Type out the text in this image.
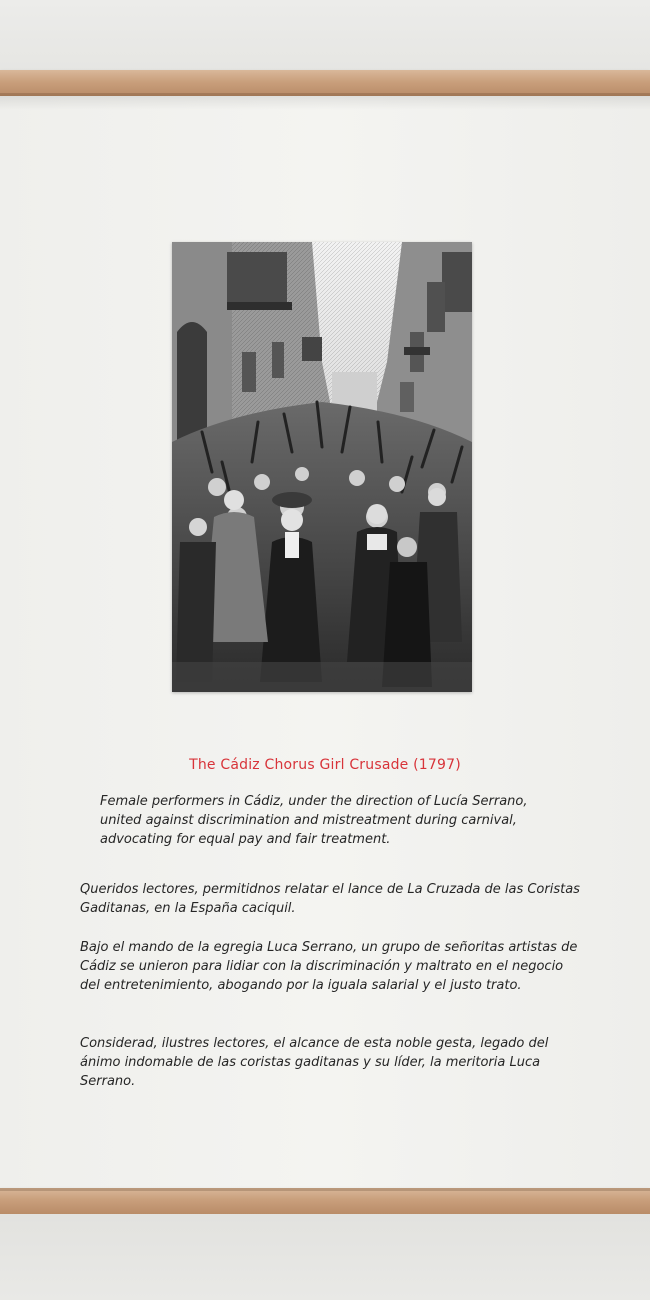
The Cádiz Chorus Girl Crusade (1797)
Female performers in Cádiz, under the direction of Lucía Serrano, united against discrimination and mistreatment during carnival, advocating for equal pay and fair treatment.
Queridos lectores, permitidnos relatar el lance de La Cruzada de las Coristas Gaditanas, en la España caciquil.
Bajo el mando de la egregia Luca Serrano, un grupo de señoritas artistas de Cádiz se unieron para lidiar con la discriminación y maltrato en el negocio del entretenimiento, abogando por la iguala salarial y el justo trato.
Considerad, ilustres lectores, el alcance de esta noble gesta, legado del ánimo indomable de las coristas gaditanas y su líder, la meritoria Luca Serrano.
